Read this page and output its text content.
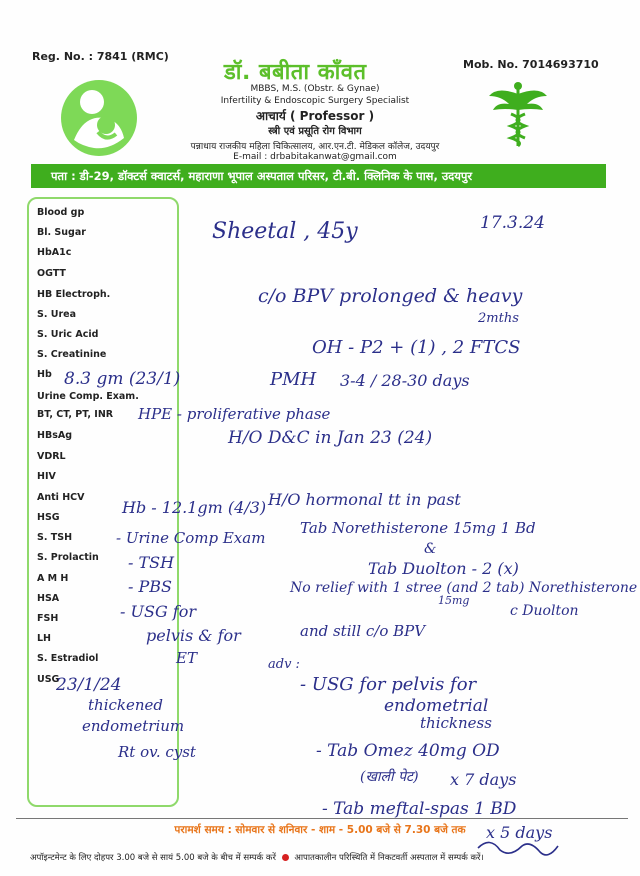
Reg. No. : 7841 (RMC)
Mob. No. 7014693710
डॉ. बबीता कॉंवत
MBBS, M.S. (Obstr. & Gynae)
Infertility & Endoscopic Surgery Specialist
आचार्य ( Professor )
स्त्री एवं प्रसूति रोग विभाग
पन्नाधाय राजकीय महिला चिकित्सालय, आर.एन.टी. मेडिकल कॉलेज, उदयपुर
E-mail : drbabitakanwat@gmail.com
पता : डी-29, डॉक्टर्स क्वाटर्स, महाराणा भूपाल अस्पताल परिसर, टी.बी. क्लिनिक के पास, उदयपुर
Blood gp
Bl. Sugar
HbA1c
OGTT
HB Electroph.
S. Urea
S. Uric Acid
S. Creatinine
Hb
Urine Comp. Exam.
BT, CT, PT, INR
HBsAg
VDRL
HIV
Anti HCV
HSG
S. TSH
S. Prolactin
A M H
HSA
FSH
LH
S. Estradiol
USG
Sheetal , 45y	17.3.24
c/o BPV prolonged & heavy
2mths
OH - P2 + (1) , 2 FTCS
PMH 3-4 / 28-30 days
8.3 gm (23/1)
HPE - proliferative phase
H/O D&C in Jan 23 (24)
Hb - 12.1gm (4/3) H/O hormonal tt in past
Tab Norethisterone 15mg 1 Bd
&
Tab Duolton - 2 (x)
- Urine Comp Exam
- TSH
- PBS
- USG for
pelvis & for
ET
No relief with 1 stree (and 2 tab) Norethisterone
and still c/o BPV
15mg
c Duolton
adv :
- USG for pelvis for
endometrial
thickness
23/1/24
thickened
endometrium
Rt ov. cyst	- Tab Omez 40mg OD
(खाली पेट) x 7 days
- Tab meftal-spas 1 BD
x 5 days
परामर्श समय : सोमवार से शनिवार - शाम - 5.00 बजे से 7.30 बजे तक
अपॉइन्टमेन्ट के लिए दोहपर 3.00 बजे से सायं 5.00 बजे के बीच में सम्पर्क करें आपातकालीन परिस्थिति में निकटवर्ती अस्पताल में सम्पर्क करें।
